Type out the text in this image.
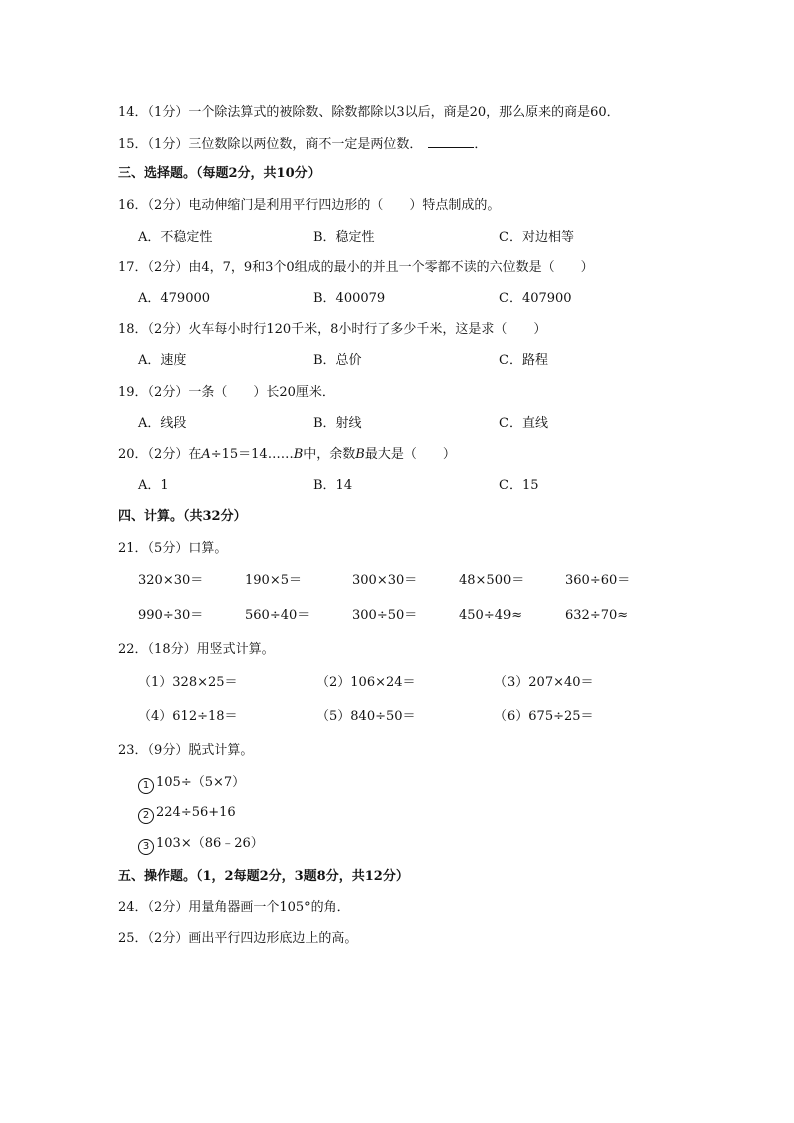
14．（1分）一个除法算式的被除数、除数都除以3以后，商是20，那么原来的商是60．
15．（1分）三位数除以两位数，商不一定是两位数．	．
三、选择题。（每题2分，共10分）
16．（2分）电动伸缩门是利用平行四边形的（　　）特点制成的。
A．不稳定性	B．稳定性	C．对边相等
17．（2分）由4，7，9和3个0组成的最小的并且一个零都不读的六位数是（　　）
A．479000	B．400079	C．407900
18．（2分）火车每小时行120千米，8小时行了多少千米，这是求（　　）
A．速度	B．总价	C．路程
19．（2分）一条（　　）长20厘米．
A．线段	B．射线	C．直线
20．（2分）在A÷15＝14……B中，余数B最大是（　　）
A．1	B．14	C．15
四、计算。（共32分）
21．（5分）口算。
320×30＝	190×5＝	300×30＝	48×500＝	360÷60＝
990÷30＝	560÷40＝	300÷50＝	450÷49≈	632÷70≈
22．（18分）用竖式计算。
（1）328×25＝	（2）106×24＝	（3）207×40＝
（4）612÷18＝	（5）840÷50＝	（6）675÷25＝
23．（9分）脱式计算。
1 105÷（5×7）
2 224÷56+16
3 103×（86﹣26）
五、操作题。（1，2每题2分，3题8分，共12分）
24．（2分）用量角器画一个105°的角．
25．（2分）画出平行四边形底边上的高。
